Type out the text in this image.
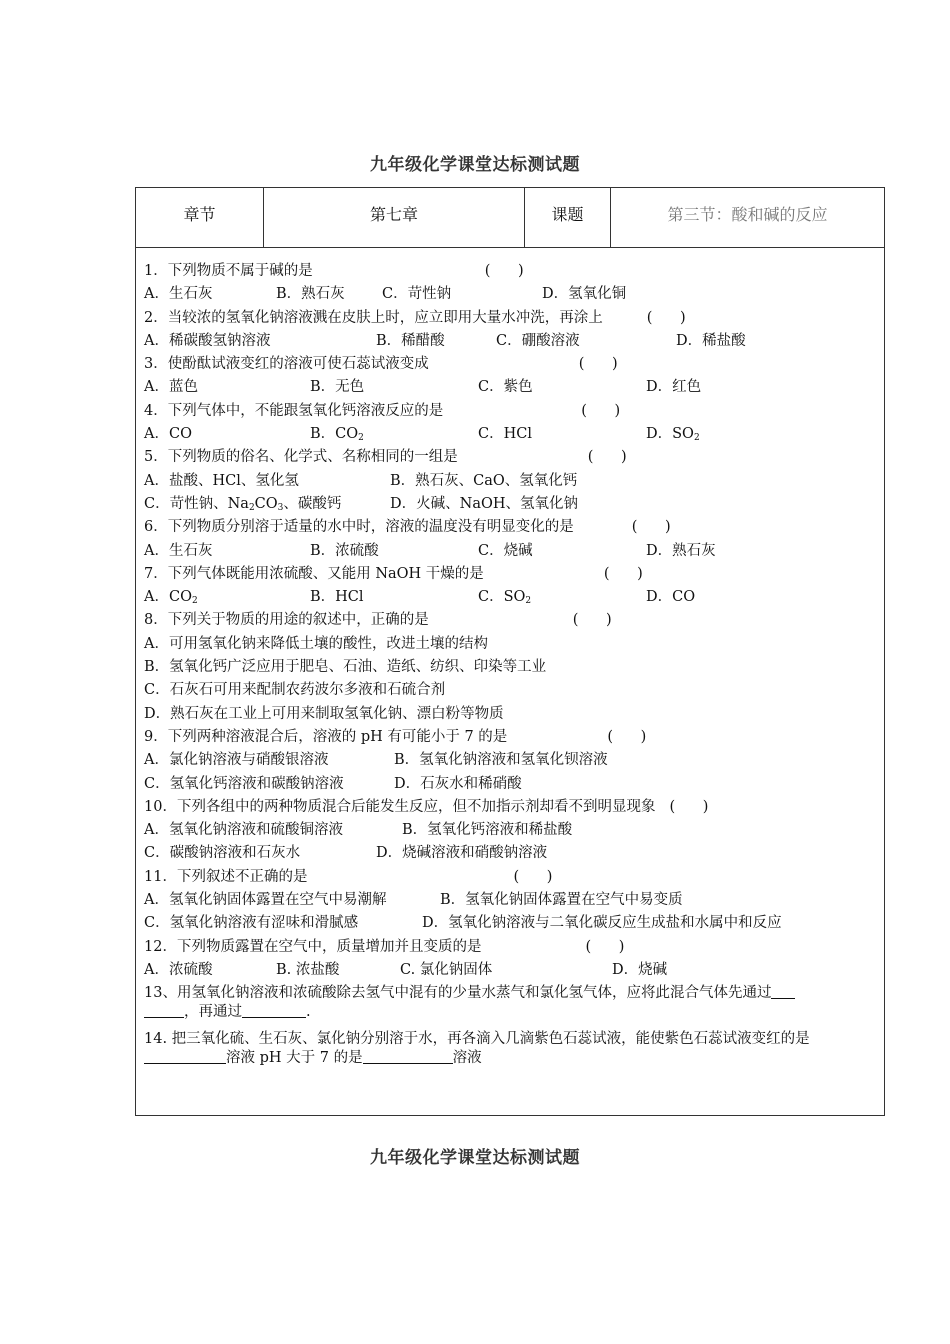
九年级化学课堂达标测试题
章节	第七章	课题	第三节：酸和碱的反应
1．下列物质不属于碱的是	(      )
A．生石灰	B．熟石灰	C．苛性钠	D．氢氧化铜
2．当较浓的氢氧化钠溶液溅在皮肤上时，应立即用大量水冲洗，再涂上	(      )
A．稀碳酸氢钠溶液	B．稀醋酸	C．硼酸溶液	D．稀盐酸
3．使酚酞试液变红的溶液可使石蕊试液变成	(      )
A．蓝色	B．无色	C．紫色	D．红色
4．下列气体中，不能跟氢氧化钙溶液反应的是	(      )
A．CO	B．$CO_2$	C．HCl	D．$SO_2$
5．下列物质的俗名、化学式、名称相同的一组是	(      )
A．盐酸、HCl、氢化氢	B．熟石灰、CaO、氢氧化钙
C．苛性钠、$Na_2CO_3$、碳酸钙	D．火碱、NaOH、氢氧化钠
6．下列物质分别溶于适量的水中时，溶液的温度没有明显变化的是	(      )
A．生石灰	B．浓硫酸	C．烧碱	D．熟石灰
7．下列气体既能用浓硫酸、又能用 NaOH 干燥的是	(      )
A．$CO_2$	B．HCl	C．$SO_2$	D．CO
8．下列关于物质的用途的叙述中，正确的是	(      )
A．可用氢氧化钠来降低土壤的酸性，改进土壤的结构
B．氢氧化钙广泛应用于肥皂、石油、造纸、纺织、印染等工业
C．石灰石可用来配制农药波尔多液和石硫合剂
D．熟石灰在工业上可用来制取氢氧化钠、漂白粉等物质
9．下列两种溶液混合后，溶液的 pH 有可能小于 7 的是	(      )
A．氯化钠溶液与硝酸银溶液	B．氢氧化钠溶液和氢氧化钡溶液
C．氢氧化钙溶液和碳酸钠溶液	D．石灰水和稀硝酸
10．下列各组中的两种物质混合后能发生反应，但不加指示剂却看不到明显现象 (      )
A．氢氧化钠溶液和硫酸铜溶液	B．氢氧化钙溶液和稀盐酸
C．碳酸钠溶液和石灰水	D．烧碱溶液和硝酸钠溶液
11．下列叙述不正确的是	(      )
A．氢氧化钠固体露置在空气中易潮解	B．氢氧化钠固体露置在空气中易变质
C．氢氧化钠溶液有涩味和滑腻感	D．氢氧化钠溶液与二氧化碳反应生成盐和水属中和反应
12．下列物质露置在空气中，质量增加并且变质的是	(      )
A．浓硫酸	B. 浓盐酸	C. 氯化钠固体	D．烧碱
13、用氢氧化钠溶液和浓硫酸除去氢气中混有的少量水蒸气和氯化氢气体，应将此混合气体先通过
，再通过	.
14. 把三氧化硫、生石灰、氯化钠分别溶于水，再各滴入几滴紫色石蕊试液，能使紫色石蕊试液变红的是
溶液 pH 大于 7 的是	溶液
九年级化学课堂达标测试题
